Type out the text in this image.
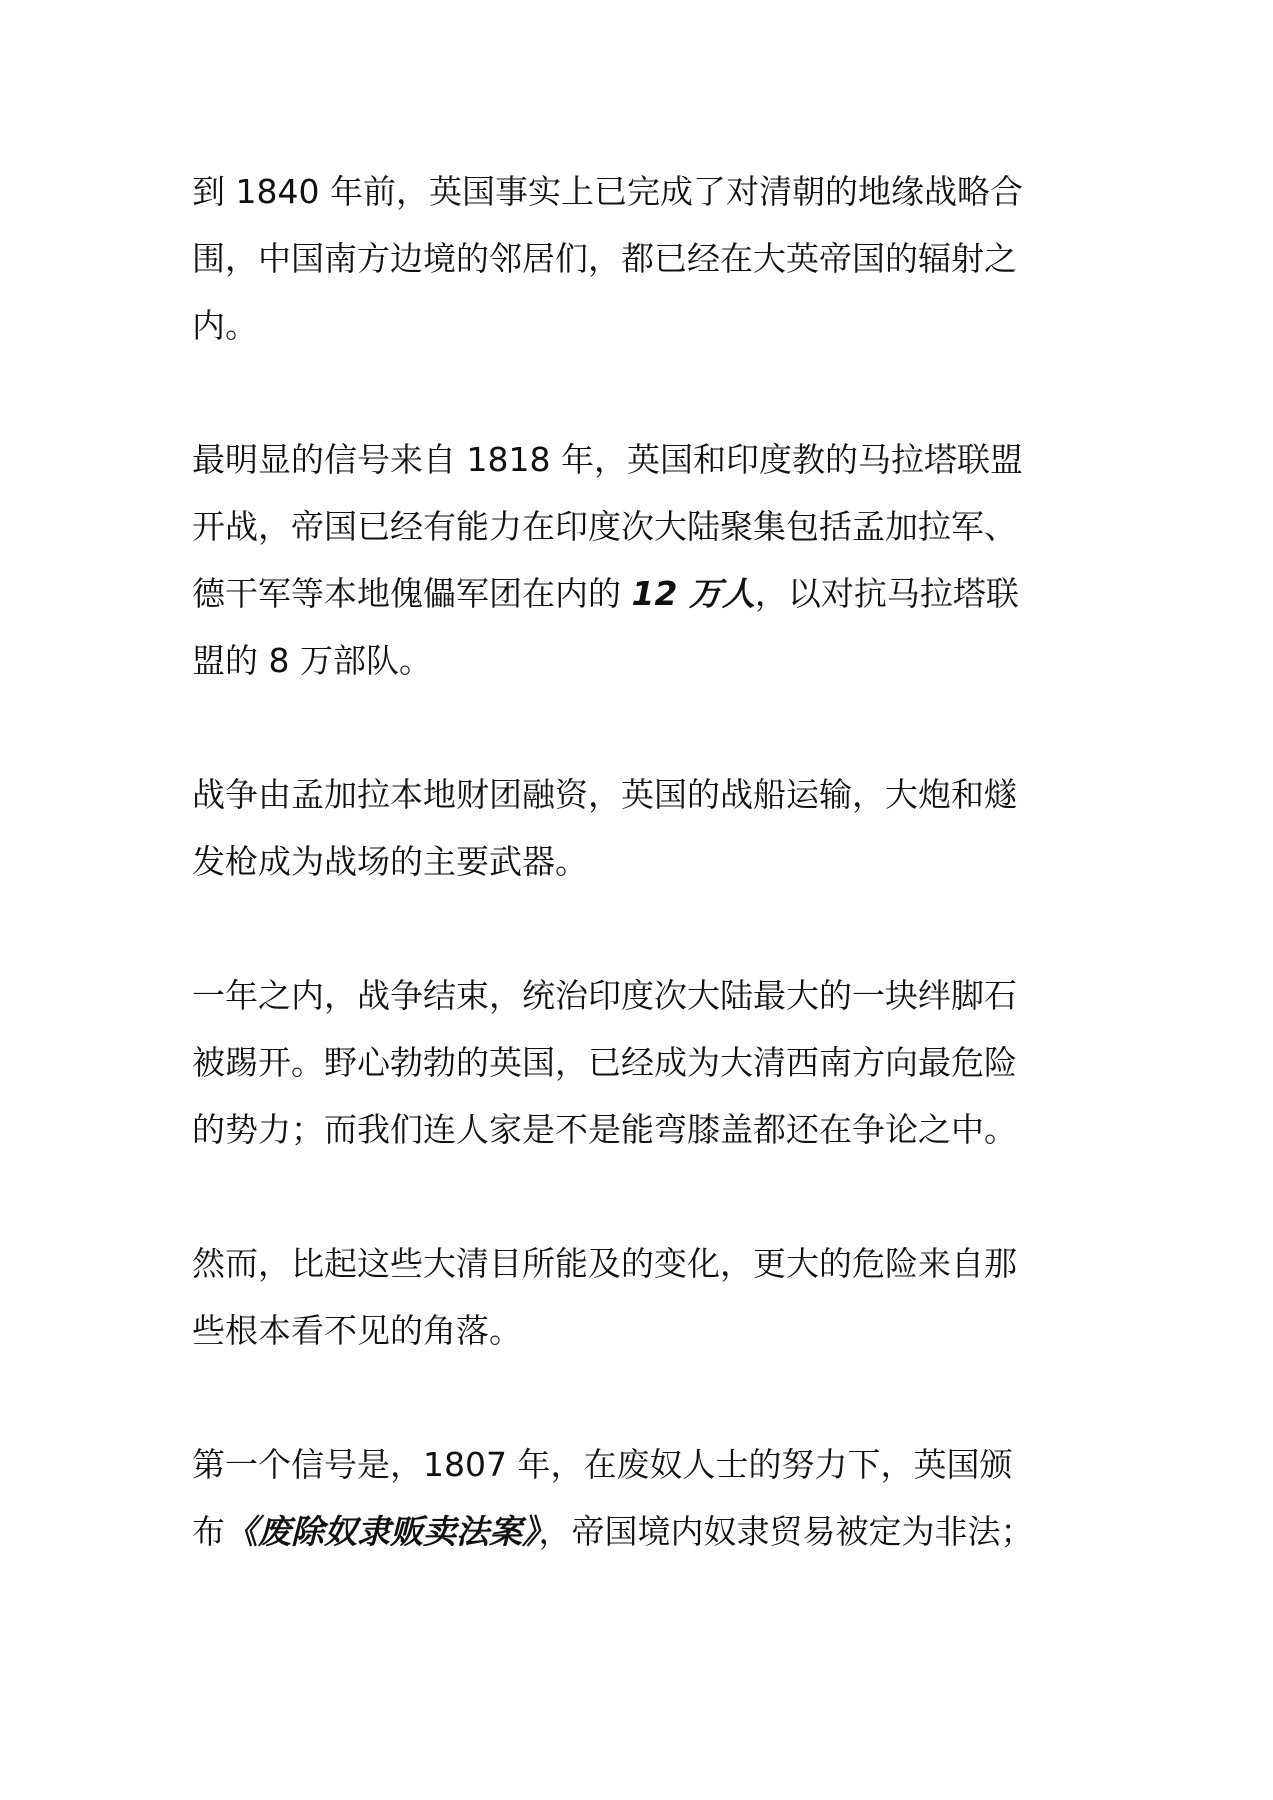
到 1840 年前，英国事实上已完成了对清朝的地缘战略合
围，中国南方边境的邻居们，都已经在大英帝国的辐射之
内。
最明显的信号来自 1818 年，英国和印度教的马拉塔联盟
开战，帝国已经有能力在印度次大陆聚集包括孟加拉军、
德干军等本地傀儡军团在内的 12 万人，以对抗马拉塔联
盟的 8 万部队。
战争由孟加拉本地财团融资，英国的战船运输，大炮和燧
发枪成为战场的主要武器。
一年之内，战争结束，统治印度次大陆最大的一块绊脚石
被踢开。野心勃勃的英国，已经成为大清西南方向最危险
的势力；而我们连人家是不是能弯膝盖都还在争论之中。
然而，比起这些大清目所能及的变化，更大的危险来自那
些根本看不见的角落。
第一个信号是，1807 年，在废奴人士的努力下，英国颁
布《废除奴隶贩卖法案》，帝国境内奴隶贸易被定为非法；
